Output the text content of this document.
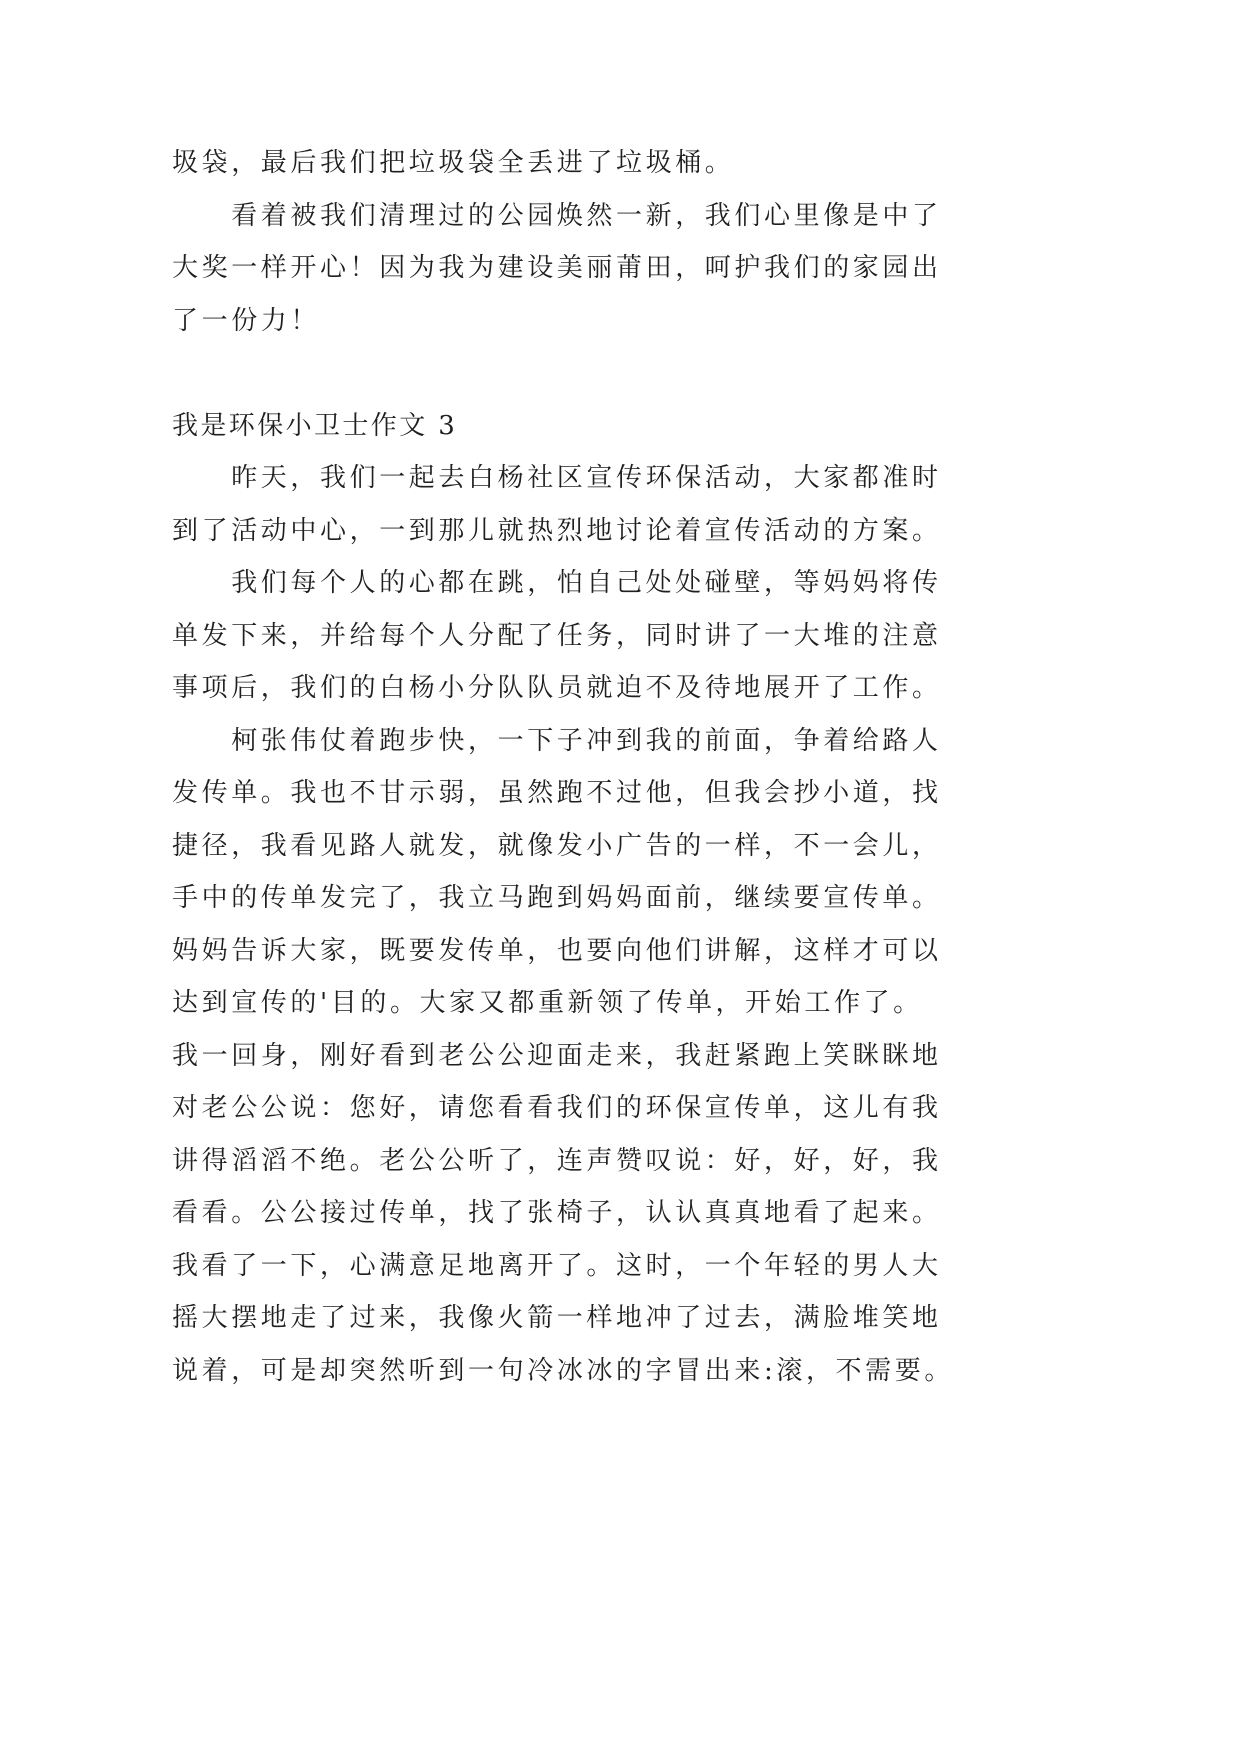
圾袋，最后我们把垃圾袋全丢进了垃圾桶。
看着被我们清理过的公园焕然一新，我们心里像是中了
大奖一样开心！因为我为建设美丽莆田，呵护我们的家园出
了一份力！
我是环保小卫士作文 3
昨天，我们一起去白杨社区宣传环保活动，大家都准时
到了活动中心，一到那儿就热烈地讨论着宣传活动的方案。
我们每个人的心都在跳，怕自己处处碰壁，等妈妈将传
单发下来，并给每个人分配了任务，同时讲了一大堆的注意
事项后，我们的白杨小分队队员就迫不及待地展开了工作。
柯张伟仗着跑步快，一下子冲到我的前面，争着给路人
发传单。我也不甘示弱，虽然跑不过他，但我会抄小道，找
捷径，我看见路人就发，就像发小广告的一样，不一会儿，
手中的传单发完了，我立马跑到妈妈面前，继续要宣传单。
妈妈告诉大家，既要发传单，也要向他们讲解，这样才可以
达到宣传的'目的。大家又都重新领了传单，开始工作了。
我一回身，刚好看到老公公迎面走来，我赶紧跑上笑眯眯地
对老公公说：您好，请您看看我们的环保宣传单，这儿有我
讲得滔滔不绝。老公公听了，连声赞叹说：好，好，好，我
看看。公公接过传单，找了张椅子，认认真真地看了起来。
我看了一下，心满意足地离开了。这时，一个年轻的男人大
摇大摆地走了过来，我像火箭一样地冲了过去，满脸堆笑地
说着，可是却突然听到一句冷冰冰的字冒出来:滚，不需要。
